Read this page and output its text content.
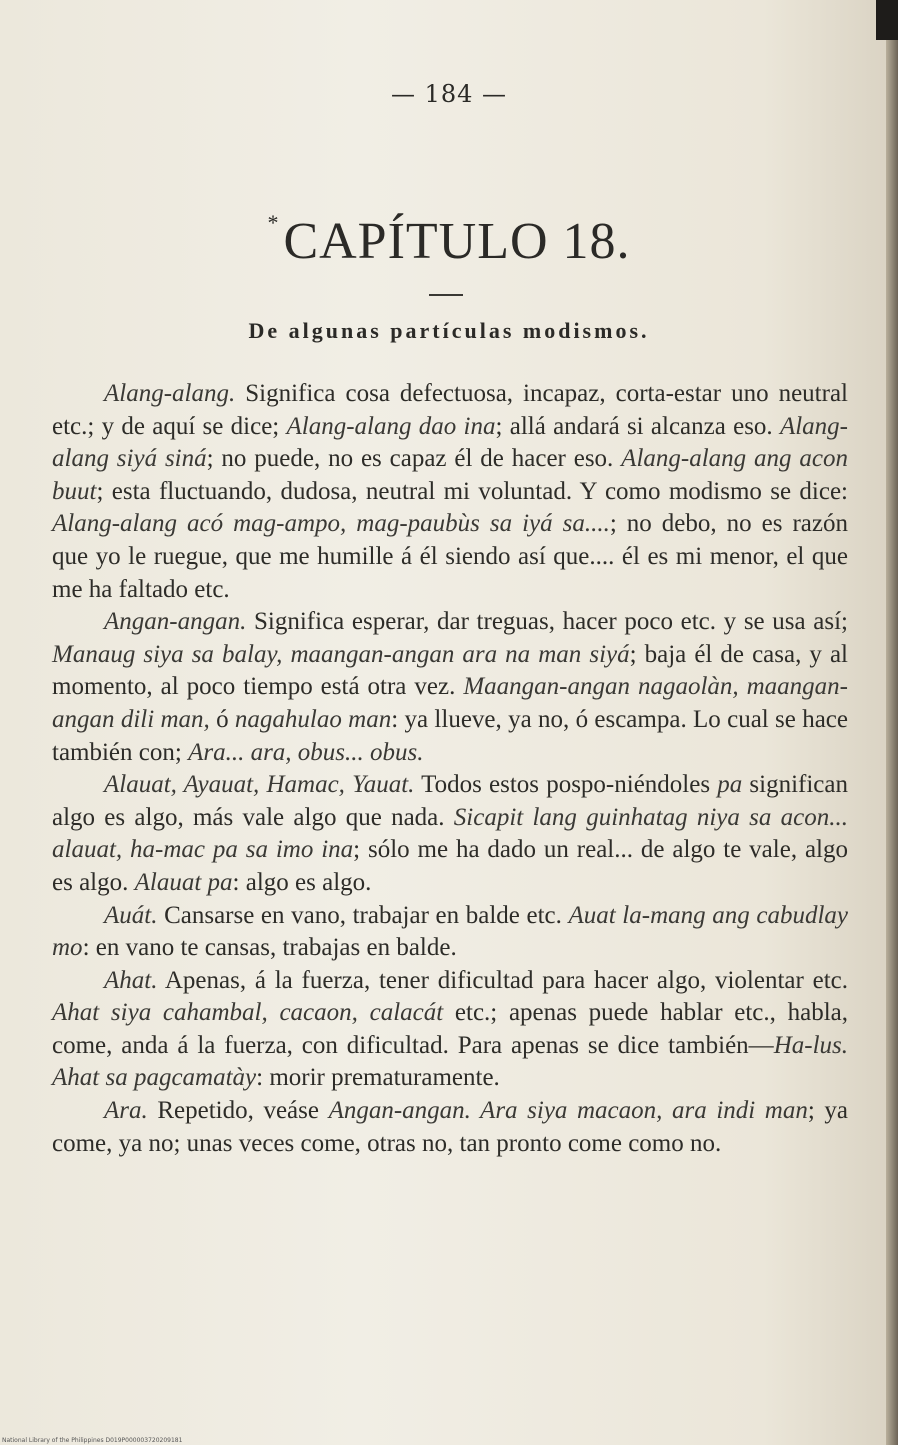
— 184 —
*CAPÍTULO 18.
De algunas partículas modismos.

Alang-alang. Significa cosa defectuosa, incapaz, corta-estar uno neutral etc.; y de aquí se dice; Alang-alang dao ina; allá andará si alcanza eso. Alang-alang siyá siná; no puede, no es capaz él de hacer eso. Alang-alang ang acon buut; esta fluctuando, dudosa, neutral mi voluntad. Y como modismo se dice: Alang-alang acó mag-ampo, mag-paubùs sa iyá sa....; no debo, no es razón que yo le ruegue, que me humille á él siendo así que.... él es mi menor, el que me ha faltado etc.

Angan-angan. Significa esperar, dar treguas, hacer poco etc. y se usa así; Manaug siya sa balay, maangan-angan ara na man siyá; baja él de casa, y al momento, al poco tiempo está otra vez. Maangan-angan nagaolàn, maangan-angan dili man, ó nagahulao man: ya llueve, ya no, ó escampa. Lo cual se hace también con; Ara... ara, obus... obus.

Alauat, Ayauat, Hamac, Yauat. Todos estos pospo-niéndoles pa significan algo es algo, más vale algo que nada. Sicapit lang guinhatag niya sa acon... alauat, ha-mac pa sa imo ina; sólo me ha dado un real... de algo te vale, algo es algo. Alauat pa: algo es algo.

Auát. Cansarse en vano, trabajar en balde etc. Auat la-mang ang cabudlay mo: en vano te cansas, trabajas en balde.

Ahat. Apenas, á la fuerza, tener dificultad para hacer algo, violentar etc. Ahat siya cahambal, cacaon, calacát etc.; apenas puede hablar etc., habla, come, anda á la fuerza, con dificultad. Para apenas se dice también—Ha-lus. Ahat sa pagcamatày: morir prematuramente.

Ara. Repetido, veáse Angan-angan. Ara siya macaon, ara indi man; ya come, ya no; unas veces come, otras no, tan pronto come como no.

National Library of the Philippines D019P000003720209181
